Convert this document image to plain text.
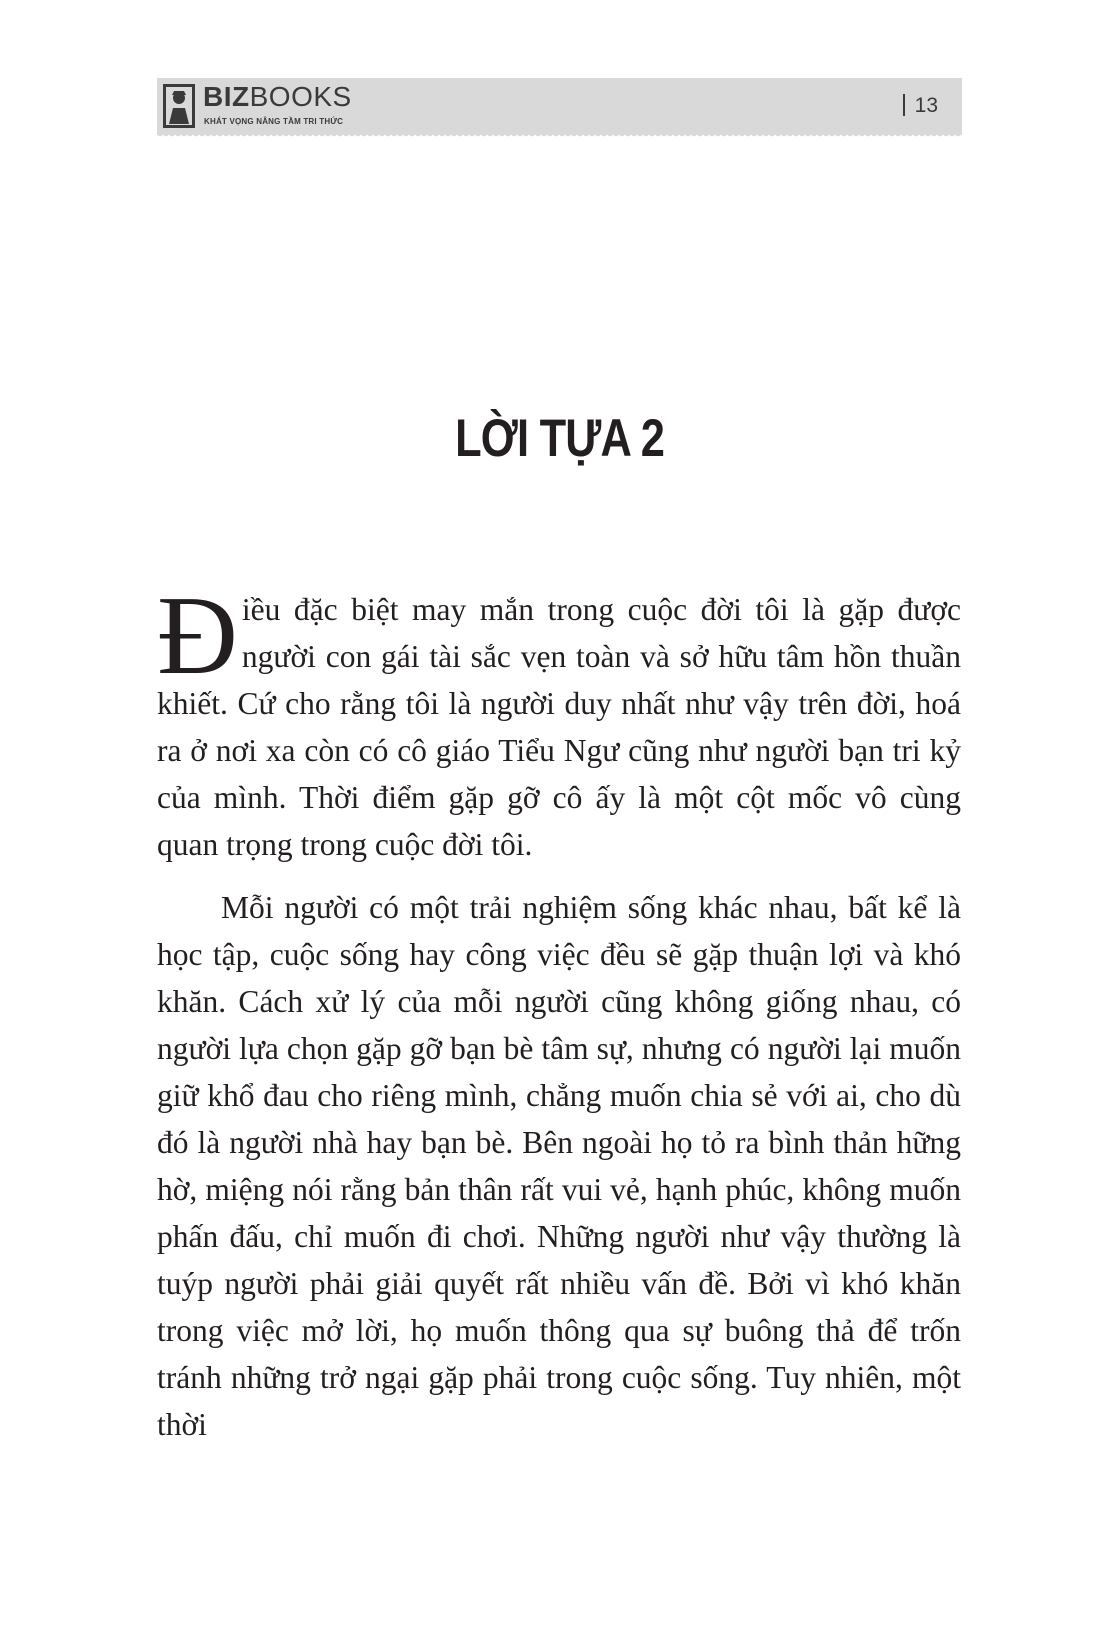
BIZBOOKS
KHÁT VỌNG NÂNG TẦM TRI THỨC
13
LỜI TỰA 2

Điều đặc biệt may mắn trong cuộc đời tôi là gặp được người con gái tài sắc vẹn toàn và sở hữu tâm hồn thuần khiết. Cứ cho rằng tôi là người duy nhất như vậy trên đời, hoá ra ở nơi xa còn có cô giáo Tiểu Ngư cũng như người bạn tri kỷ của mình. Thời điểm gặp gỡ cô ấy là một cột mốc vô cùng quan trọng trong cuộc đời tôi.

Mỗi người có một trải nghiệm sống khác nhau, bất kể là học tập, cuộc sống hay công việc đều sẽ gặp thuận lợi và khó khăn. Cách xử lý của mỗi người cũng không giống nhau, có người lựa chọn gặp gỡ bạn bè tâm sự, nhưng có người lại muốn giữ khổ đau cho riêng mình, chẳng muốn chia sẻ với ai, cho dù đó là người nhà hay bạn bè. Bên ngoài họ tỏ ra bình thản hững hờ, miệng nói rằng bản thân rất vui vẻ, hạnh phúc, không muốn phấn đấu, chỉ muốn đi chơi. Những người như vậy thường là tuýp người phải giải quyết rất nhiều vấn đề. Bởi vì khó khăn trong việc mở lời, họ muốn thông qua sự buông thả để trốn tránh những trở ngại gặp phải trong cuộc sống. Tuy nhiên, một thời
